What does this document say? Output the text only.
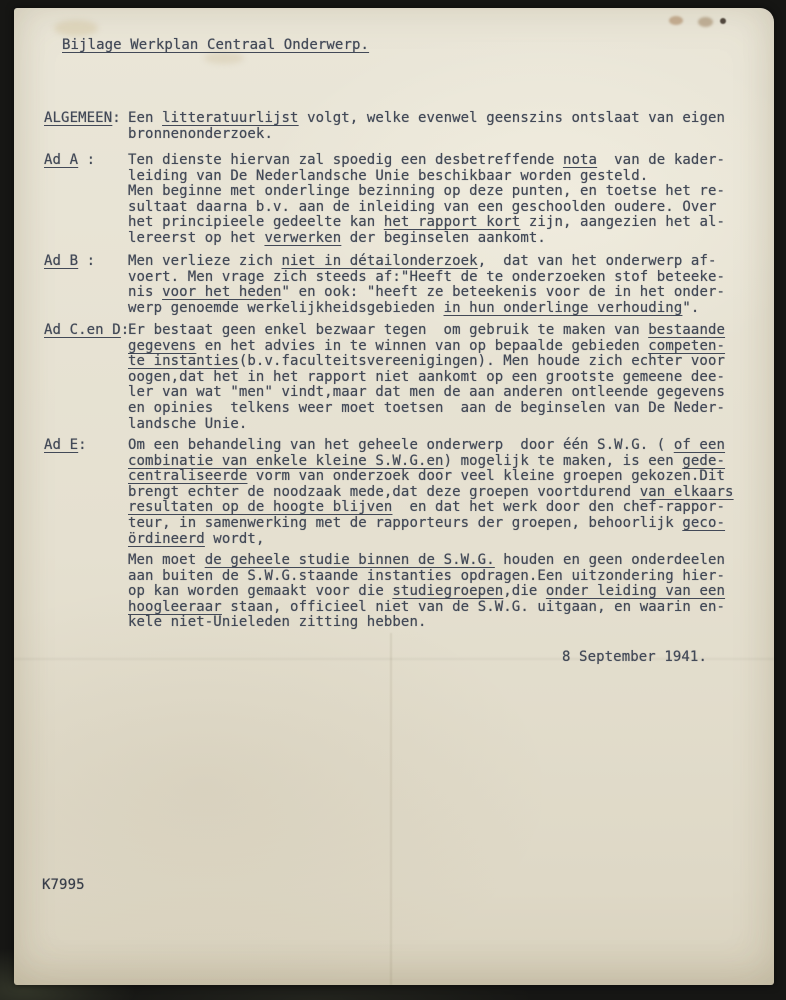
Bijlage Werkplan Centraal Onderwerp.
ALGEMEEN: Een litteratuurlijst volgt, welke evenwel geenszins ontslaat van eigen
bronnenonderzoek.
Ad A : Ten dienste hiervan zal spoedig een desbetreffende nota  van de kader-
leiding van De Nederlandsche Unie beschikbaar worden gesteld.
Men beginne met onderlinge bezinning op deze punten, en toetse het re-
sultaat daarna b.v. aan de inleiding van een geschoolden oudere. Over
het principieele gedeelte kan het rapport kort zijn, aangezien het al-
lereerst op het verwerken der beginselen aankomt.
Ad B : Men verlieze zich niet in détailonderzoek,  dat van het onderwerp af-
voert. Men vrage zich steeds af:"Heeft de te onderzoeken stof beteeke-
nis voor het heden" en ook: "heeft ze beteekenis voor de in het onder-
werp genoemde werkelijkheidsgebieden in hun onderlinge verhouding".
Ad C.en D:
Er bestaat geen enkel bezwaar tegen  om gebruik te maken van bestaande
gegevens en het advies in te winnen van op bepaalde gebieden competen-
te instanties(b.v.faculteitsvereenigingen). Men houde zich echter voor
oogen,dat het in het rapport niet aankomt op een grootste gemeene dee-
ler van wat "men" vindt,maar dat men de aan anderen ontleende gegevens
en opinies  telkens weer moet toetsen  aan de beginselen van De Neder-
landsche Unie.
Ad E:	Om een behandeling van het geheele onderwerp  door één S.W.G. ( of een
combinatie van enkele kleine S.W.G.en) mogelijk te maken, is een gede-
centraliseerde vorm van onderzoek door veel kleine groepen gekozen.Dit
brengt echter de noodzaak mede,dat deze groepen voortdurend van elkaars
resultaten op de hoogte blijven  en dat het werk door den chef-rappor-
teur, in samenwerking met de rapporteurs der groepen, behoorlijk geco-
ördineerd wordt,
Men moet de geheele studie binnen de S.W.G. houden en geen onderdeelen
aan buiten de S.W.G.staande instanties opdragen.Een uitzondering hier-
op kan worden gemaakt voor die studiegroepen,die onder leiding van een
hoogleeraar staan, officieel niet van de S.W.G. uitgaan, en waarin en-
kele niet-Unieleden zitting hebben.
8 September 1941.
K7995
